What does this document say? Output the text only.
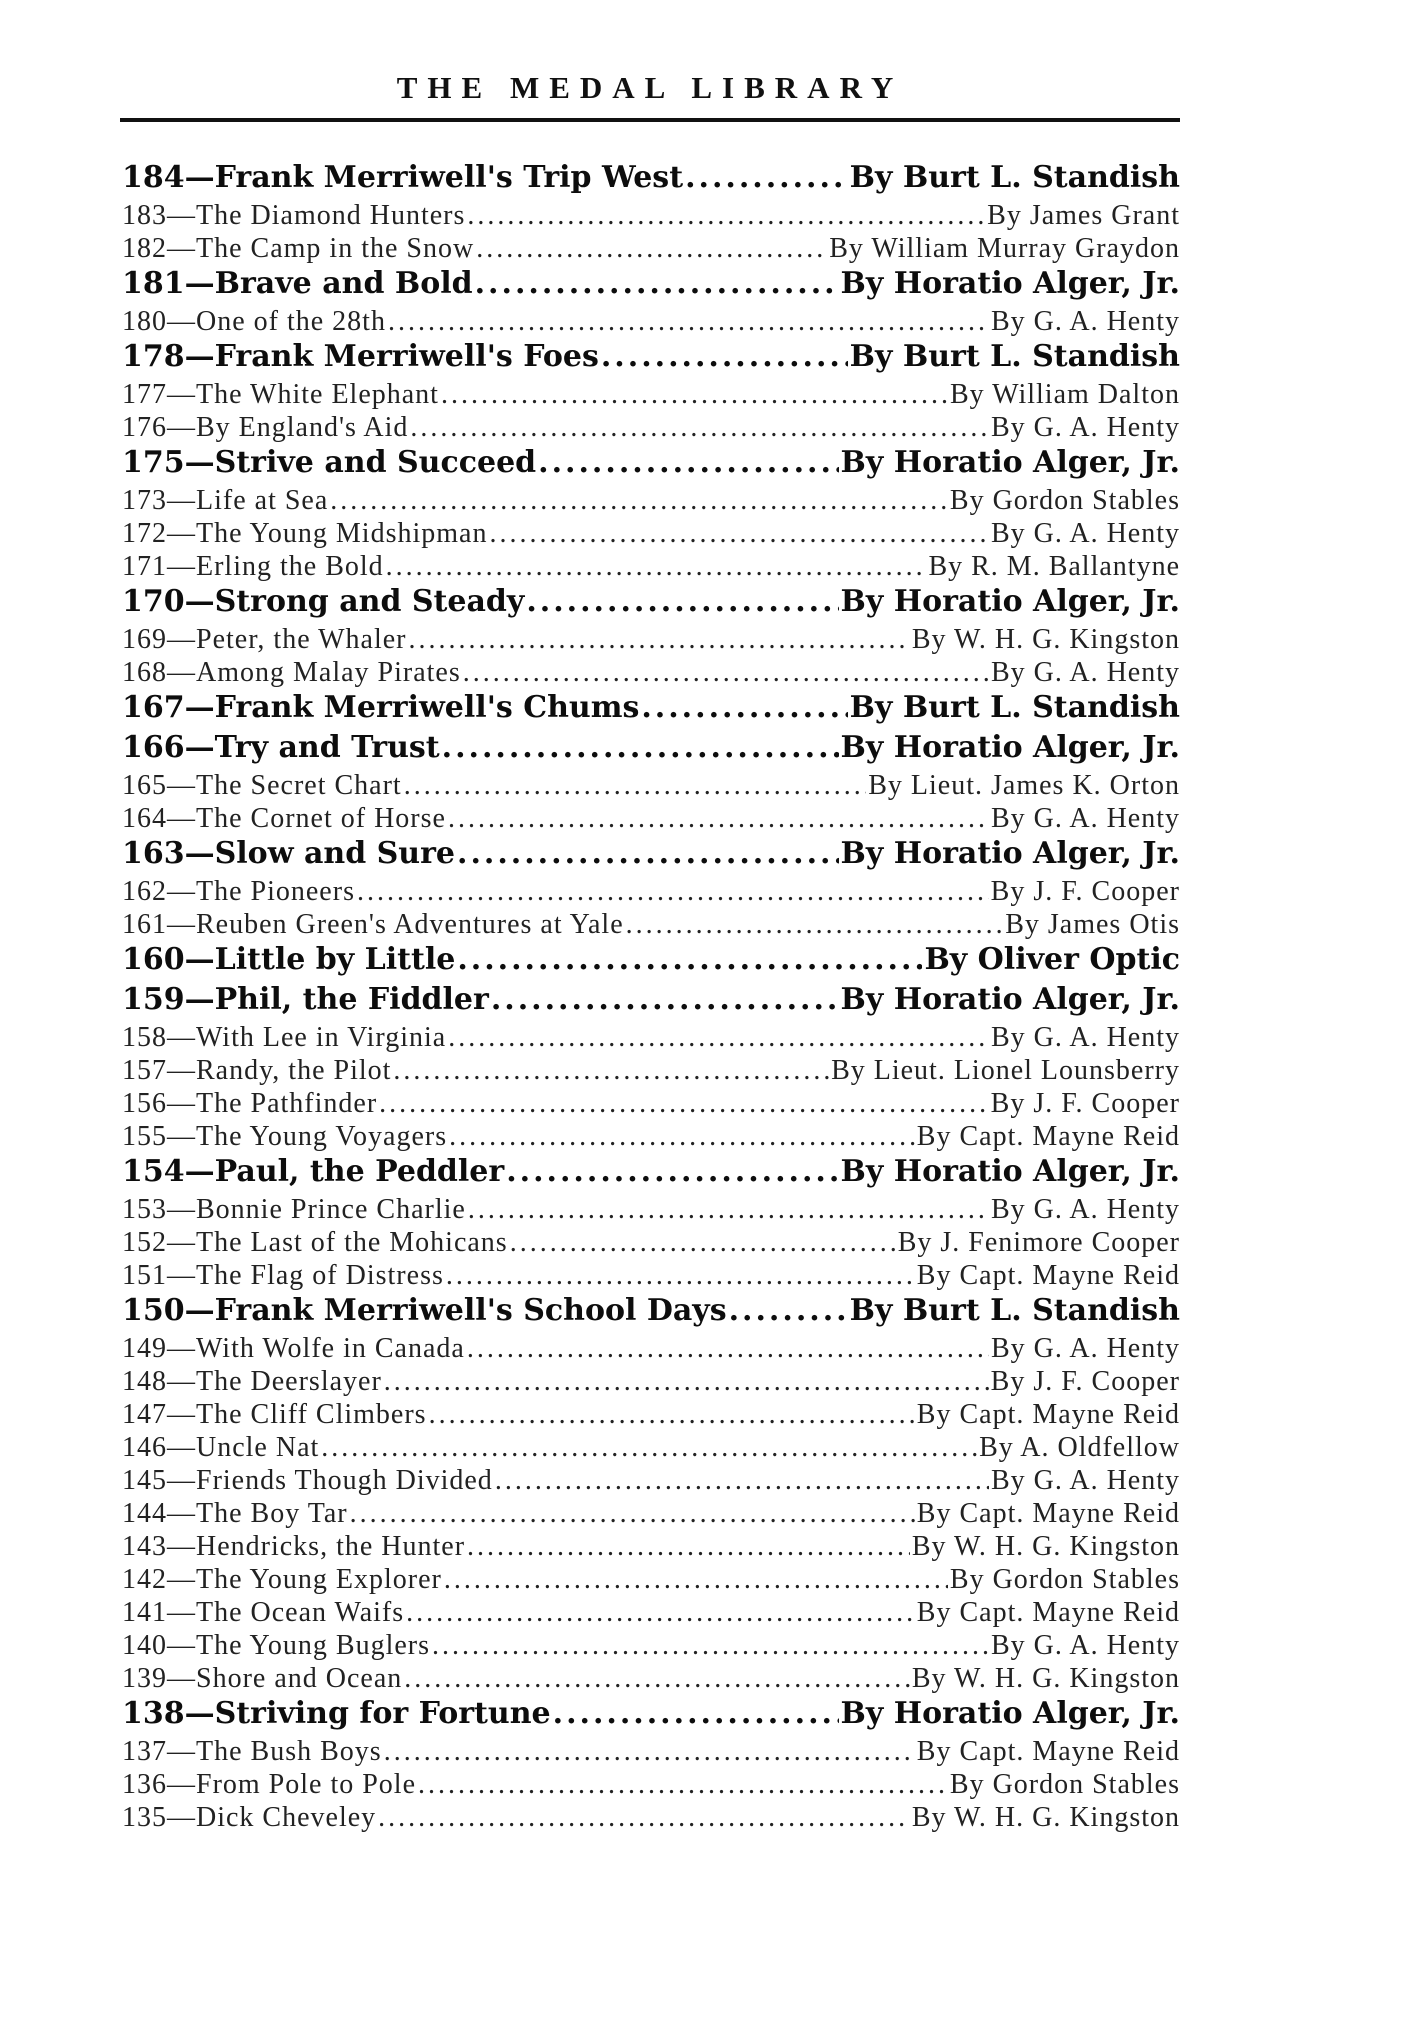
THE MEDAL LIBRARY
184 — Frank Merriwell's Trip West .....	By Burt L. Standish
183 — The Diamond Hunters .....	By James Grant
182 — The Camp in the Snow .....	By William Murray Graydon
181 — Brave and Bold .....	By Horatio Alger, Jr.
180 — One of the 28th .....	By G. A. Henty
178 — Frank Merriwell's Foes .....	By Burt L. Standish
177 — The White Elephant .....	By William Dalton
176 — By England's Aid .....	By G. A. Henty
175 — Strive and Succeed .....	By Horatio Alger, Jr.
173 — Life at Sea .....	By Gordon Stables
172 — The Young Midshipman .....	By G. A. Henty
171 — Erling the Bold .....	By R. M. Ballantyne
170 — Strong and Steady .....	By Horatio Alger, Jr.
169 — Peter, the Whaler .....	By W. H. G. Kingston
168 — Among Malay Pirates .....	By G. A. Henty
167 — Frank Merriwell's Chums .....	By Burt L. Standish
166 — Try and Trust .....	By Horatio Alger, Jr.
165 — The Secret Chart .....	By Lieut. James K. Orton
164 — The Cornet of Horse .....	By G. A. Henty
163 — Slow and Sure .....	By Horatio Alger, Jr.
162 — The Pioneers .....	By J. F. Cooper
161 — Reuben Green's Adventures at Yale .....	By James Otis
160 — Little by Little .....	By Oliver Optic
159 — Phil, the Fiddler .....	By Horatio Alger, Jr.
158 — With Lee in Virginia .....	By G. A. Henty
157 — Randy, the Pilot .....	By Lieut. Lionel Lounsberry
156 — The Pathfinder .....	By J. F. Cooper
155 — The Young Voyagers .....	By Capt. Mayne Reid
154 — Paul, the Peddler .....	By Horatio Alger, Jr.
153 — Bonnie Prince Charlie .....	By G. A. Henty
152 — The Last of the Mohicans .....	By J. Fenimore Cooper
151 — The Flag of Distress .....	By Capt. Mayne Reid
150 — Frank Merriwell's School Days .....	By Burt L. Standish
149 — With Wolfe in Canada .....	By G. A. Henty
148 — The Deerslayer .....	By J. F. Cooper
147 — The Cliff Climbers .....	By Capt. Mayne Reid
146 — Uncle Nat .....	By A. Oldfellow
145 — Friends Though Divided .....	By G. A. Henty
144 — The Boy Tar .....	By Capt. Mayne Reid
143 — Hendricks, the Hunter .....	By W. H. G. Kingston
142 — The Young Explorer .....	By Gordon Stables
141 — The Ocean Waifs .....	By Capt. Mayne Reid
140 — The Young Buglers .....	By G. A. Henty
139 — Shore and Ocean .....	By W. H. G. Kingston
138 — Striving for Fortune .....	By Horatio Alger, Jr.
137 — The Bush Boys .....	By Capt. Mayne Reid
136 — From Pole to Pole .....	By Gordon Stables
135 — Dick Cheveley .....	By W. H. G. Kingston
